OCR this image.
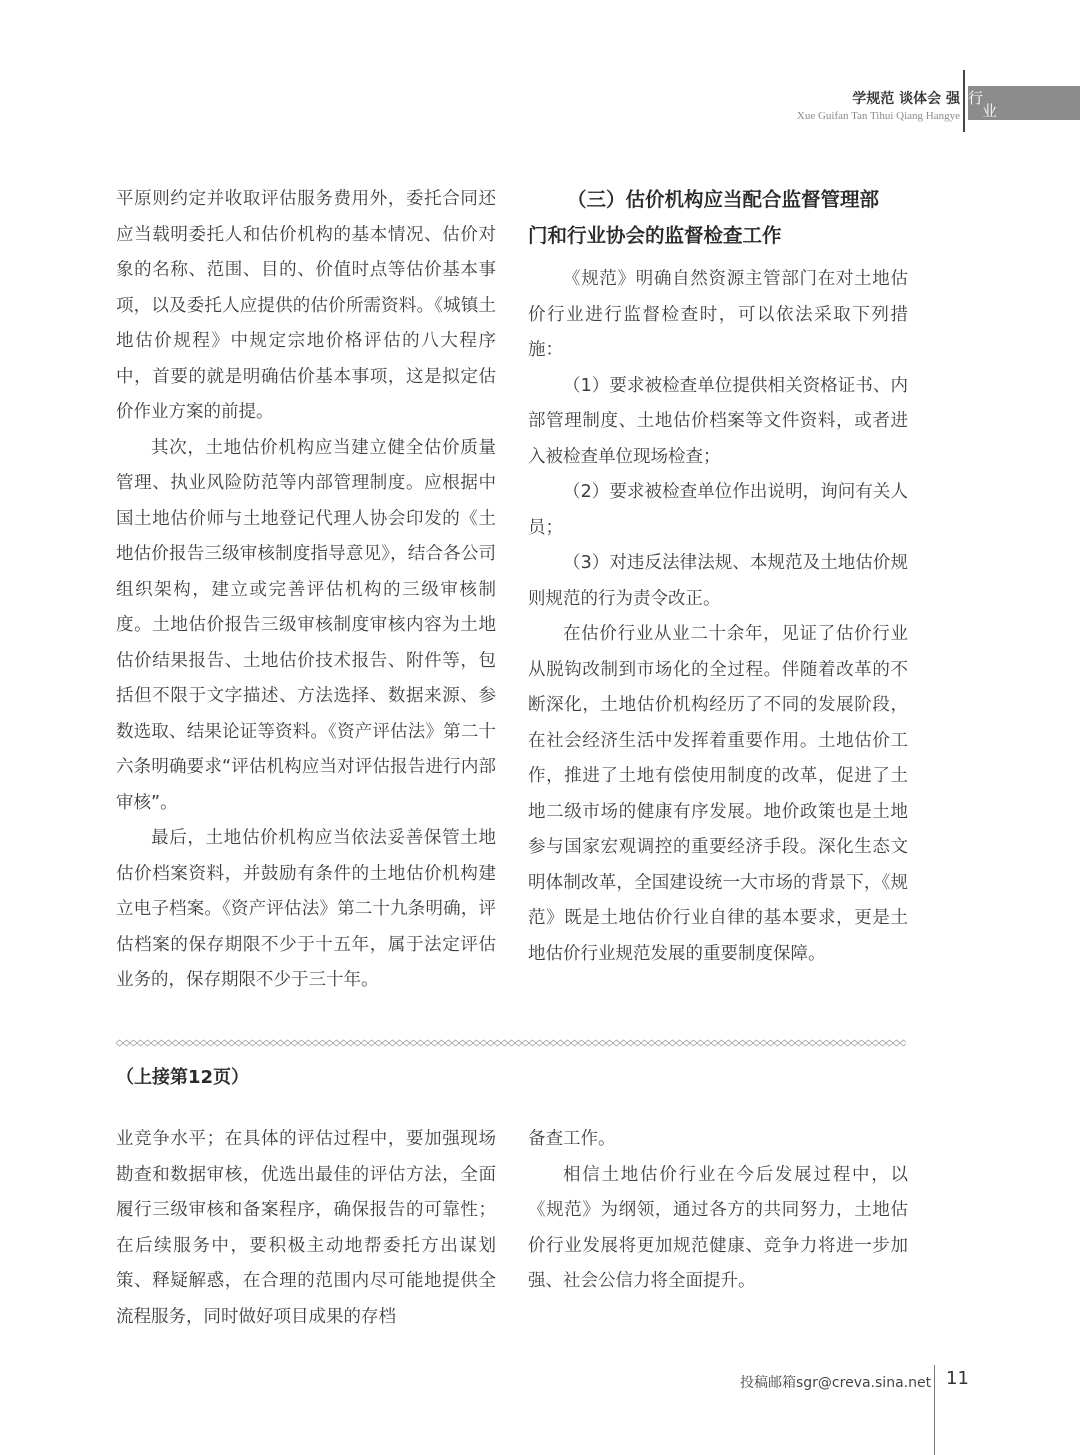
学规范 谈体会 强
Xue Guifan Tan Tihui Qiang Hangye
行
业

平原则约定并收取评估服务费用外，委托合同还应当载明委托人和估价机构的基本情况、估价对象的名称、范围、目的、价值时点等估价基本事项，以及委托人应提供的估价所需资料。《城镇土地估价规程》中规定宗地价格评估的八大程序中，首要的就是明确估价基本事项，这是拟定估价作业方案的前提。

其次，土地估价机构应当建立健全估价质量管理、执业风险防范等内部管理制度。应根据中国土地估价师与土地登记代理人协会印发的《土地估价报告三级审核制度指导意见》，结合各公司组织架构，建立或完善评估机构的三级审核制度。土地估价报告三级审核制度审核内容为土地估价结果报告、土地估价技术报告、附件等，包括但不限于文字描述、方法选择、数据来源、参数选取、结果论证等资料。《资产评估法》第二十六条明确要求“评估机构应当对评估报告进行内部审核”。

最后，土地估价机构应当依法妥善保管土地估价档案资料，并鼓励有条件的土地估价机构建立电子档案。《资产评估法》第二十九条明确，评估档案的保存期限不少于十五年，属于法定评估业务的，保存期限不少于三十年。

（三）估价机构应当配合监督管理部

门和行业协会的监督检查工作

《规范》明确自然资源主管部门在对土地估价行业进行监督检查时，可以依法采取下列措施：

（1）要求被检查单位提供相关资格证书、内部管理制度、土地估价档案等文件资料，或者进入被检查单位现场检查；

（2）要求被检查单位作出说明，询问有关人员；

（3）对违反法律法规、本规范及土地估价规则规范的行为责令改正。

在估价行业从业二十余年，见证了估价行业从脱钩改制到市场化的全过程。伴随着改革的不断深化，土地估价机构经历了不同的发展阶段，在社会经济生活中发挥着重要作用。土地估价工作，推进了土地有偿使用制度的改革，促进了土地二级市场的健康有序发展。地价政策也是土地参与国家宏观调控的重要经济手段。深化生态文明体制改革，全国建设统一大市场的背景下，《规范》既是土地估价行业自律的基本要求，更是土地估价行业规范发展的重要制度保障。

（上接第12页）

业竞争水平；在具体的评估过程中，要加强现场勘查和数据审核，优选出最佳的评估方法，全面履行三级审核和备案程序，确保报告的可靠性；在后续服务中，要积极主动地帮委托方出谋划策、释疑解惑，在合理的范围内尽可能地提供全流程服务，同时做好项目成果的存档

备查工作。

相信土地估价行业在今后发展过程中，以《规范》为纲领，通过各方的共同努力，土地估价行业发展将更加规范健康、竞争力将进一步加强、社会公信力将全面提升。

投稿邮箱sgr@creva.sina.net 11
